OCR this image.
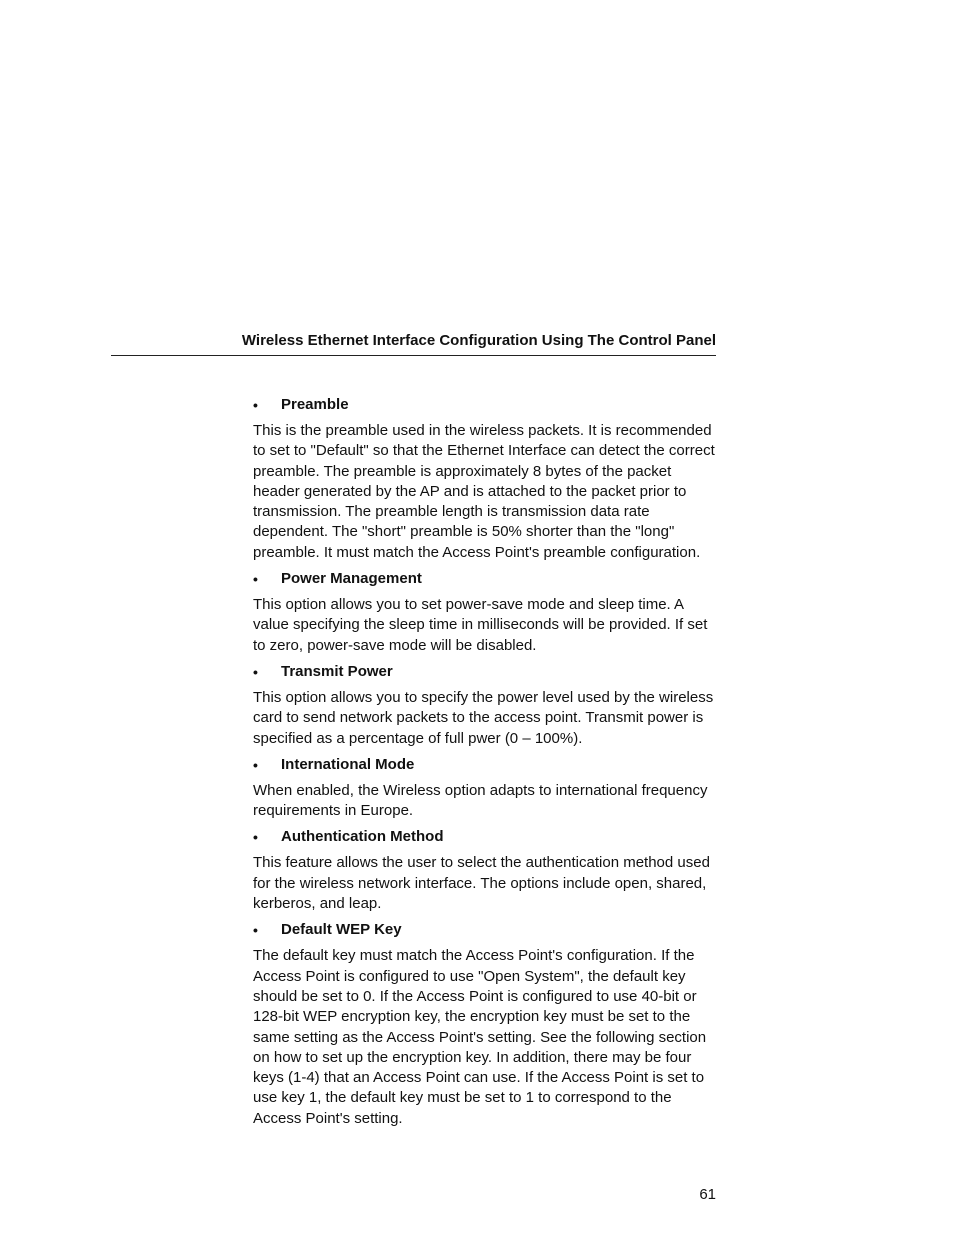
Wireless Ethernet Interface Configuration Using The Control Panel
• Preamble

This is the preamble used in the wireless packets. It is recommended to set to "Default" so that the Ethernet Interface can detect the correct preamble. The preamble is approximately 8 bytes of the packet header generated by the AP and is attached to the packet prior to transmission. The preamble length is transmission data rate dependent. The "short" preamble is 50% shorter than the "long" preamble. It must match the Access Point's preamble configuration.

• Power Management

This option allows you to set power-save mode and sleep time. A value specifying the sleep time in milliseconds will be provided. If set to zero, power-save mode will be disabled.

• Transmit Power

This option allows you to specify the power level used by the wireless card to send network packets to the access point. Transmit power is specified as a percentage of full pwer (0 – 100%).

• International Mode

When enabled, the Wireless option adapts to international frequency requirements in Europe.

• Authentication Method

This feature allows the user to select the authentication method used for the wireless network interface. The options include open, shared, kerberos, and leap.

• Default WEP Key

The default key must match the Access Point's configuration. If the Access Point is configured to use "Open System", the default key should be set to 0. If the Access Point is configured to use 40-bit or 128-bit WEP encryption key, the encryption key must be set to the same setting as the Access Point's setting. See the following section on how to set up the encryption key. In addition, there may be four keys (1-4) that an Access Point can use. If the Access Point is set to use key 1, the default key must be set to 1 to correspond to the Access Point's setting.

61
